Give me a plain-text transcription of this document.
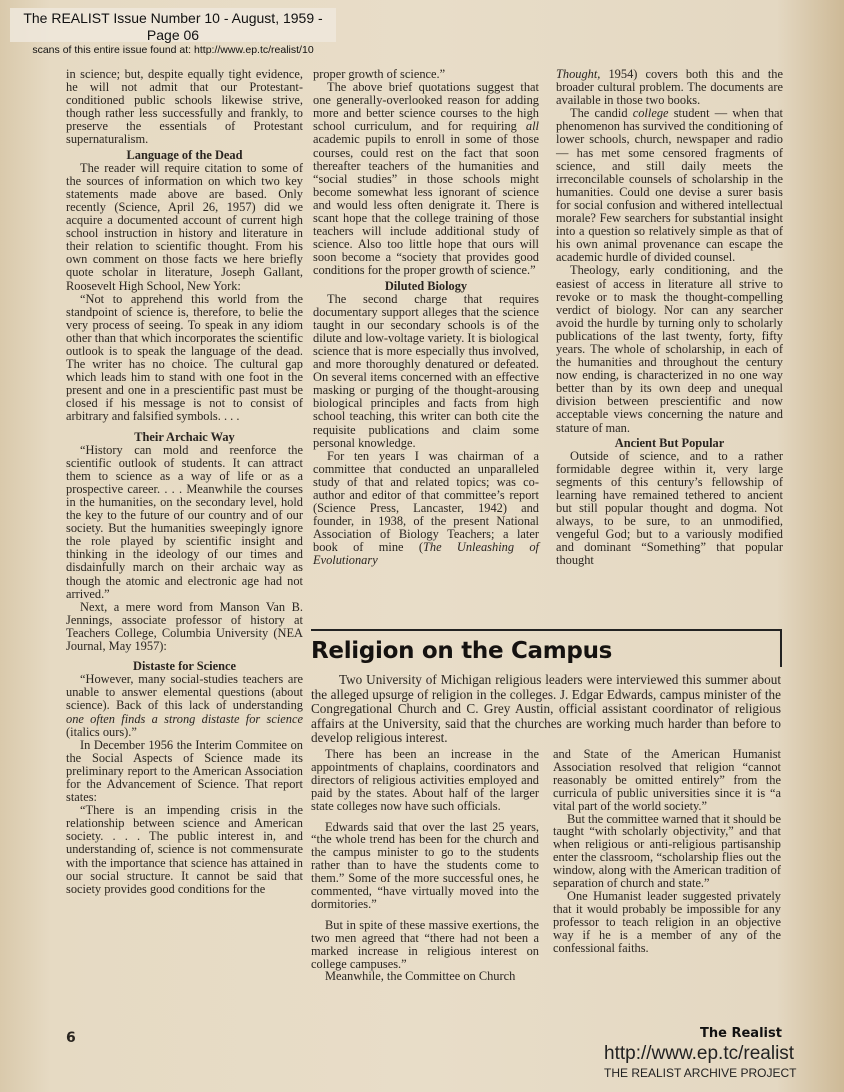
The REALIST Issue Number 10 - August, 1959 - Page 06
scans of this entire issue found at: http://www.ep.tc/realist/10

in science; but, despite equally tight evidence, he will not admit that our Protestant-conditioned public schools likewise strive, though rather less successfully and frankly, to preserve the essentials of Protestant supernaturalism.

Language of the Dead

The reader will require citation to some of the sources of information on which two key statements made above are based. Only recently (Science, April 26, 1957) did we acquire a documented account of current high school instruction in history and literature in their relation to scientific thought. From his own comment on those facts we here briefly quote scholar in literature, Joseph Gallant, Roosevelt High School, New York:

“Not to apprehend this world from the standpoint of science is, therefore, to belie the very process of seeing. To speak in any idiom other than that which incorporates the scientific outlook is to speak the language of the dead. The writer has no choice. The cultural gap which leads him to stand with one foot in the present and one in a prescientific past must be closed if his message is not to consist of arbitrary and falsified symbols. . . .

Their Archaic Way

“History can mold and reenforce the scientific outlook of students. It can attract them to science as a way of life or as a prospective career. . . . Meanwhile the courses in the humanities, on the secondary level, hold the key to the future of our country and of our society. But the humanities sweepingly ignore the role played by scientific insight and thinking in the ideology of our times and disdainfully march on their archaic way as though the atomic and electronic age had not arrived.”

Next, a mere word from Manson Van B. Jennings, associate professor of history at Teachers College, Columbia University (NEA Journal, May 1957):

Distaste for Science

“However, many social-studies teachers are unable to answer elemental questions (about science). Back of this lack of understanding one often finds a strong distaste for science (italics ours).”

In December 1956 the Interim Commitee on the Social Aspects of Science made its preliminary report to the American Association for the Advancement of Science. That report states:

“There is an impending crisis in the relationship between science and American society. . . . The public interest in, and understanding of, science is not commensurate with the importance that science has attained in our social structure. It cannot be said that society provides good conditions for the

proper growth of science.”

The above brief quotations suggest that one generally-overlooked reason for adding more and better science courses to the high school curriculum, and for requiring all academic pupils to enroll in some of those courses, could rest on the fact that soon thereafter teachers of the humanities and “social studies” in those schools might become somewhat less ignorant of science and would less often denigrate it. There is scant hope that the college training of those teachers will include additional study of science. Also too little hope that ours will soon become a “society that provides good conditions for the proper growth of science.”

Diluted Biology

The second charge that requires documentary support alleges that the science taught in our secondary schools is of the dilute and low-voltage variety. It is biological science that is more especially thus involved, and more thoroughly denatured or defeated. On several items concerned with an effective masking or purging of the thought-arousing biological principles and facts from high school teaching, this writer can both cite the requisite publications and claim some personal knowledge.

For ten years I was chairman of a committee that conducted an unparalleled study of that and related topics; was co-author and editor of that committee’s report (Science Press, Lancaster, 1942) and founder, in 1938, of the present National Association of Biology Teachers; a later book of mine (The Unleashing of Evolutionary

Thought, 1954) covers both this and the broader cultural problem. The documents are available in those two books.

The candid college student — when that phenomenon has survived the conditioning of lower schools, church, newspaper and radio — has met some censored fragments of science, and still daily meets the irreconcilable counsels of scholarship in the humanities. Could one devise a surer basis for social confusion and withered intellectual morale? Few searchers for substantial insight into a question so relatively simple as that of his own animal provenance can escape the academic hurdle of divided counsel.

Theology, early conditioning, and the easiest of access in literature all strive to revoke or to mask the thought-compelling verdict of biology. Nor can any searcher avoid the hurdle by turning only to scholarly publications of the last twenty, forty, fifty years. The whole of scholarship, in each of the humanities and throughout the century now ending, is characterized in no one way better than by its own deep and unequal division between prescientific and now acceptable views concerning the nature and stature of man.

Ancient But Popular

Outside of science, and to a rather formidable degree within it, very large segments of this century’s fellowship of learning have remained tethered to ancient but still popular thought and dogma. Not always, to be sure, to an unmodified, vengeful God; but to a variously modified and dominant “Something” that popular thought

Religion on the Campus

Two University of Michigan religious leaders were interviewed this summer about the alleged upsurge of religion in the colleges. J. Edgar Edwards, campus minister of the Congregational Church and C. Grey Austin, official assistant coordinator of religious affairs at the University, said that the churches are working much harder than before to develop religious interest.

There has been an increase in the appointments of chaplains, coordinators and directors of religious activities employed and paid by the states. About half of the larger state colleges now have such officials.

Edwards said that over the last 25 years, “the whole trend has been for the church and the campus minister to go to the students rather than to have the students come to them.” Some of the more successful ones, he commented, “have virtually moved into the dormitories.”

But in spite of these massive exertions, the two men agreed that “there had not been a marked increase in religious interest on college campuses.”

Meanwhile, the Committee on Church

and State of the American Humanist Association resolved that religion “cannot reasonably be omitted entirely” from the curricula of public universities since it is “a vital part of the world society.”

But the committee warned that it should be taught “with scholarly objectivity,” and that when religious or anti-religious partisanship enter the classroom, “scholarship flies out the window, along with the American tradition of separation of church and state.”

One Humanist leader suggested privately that it would probably be impossible for any professor to teach religion in an objective way if he is a member of any of the confessional faiths.

6	The Realist
http://www.ep.tc/realist
THE REALIST ARCHIVE PROJECT
